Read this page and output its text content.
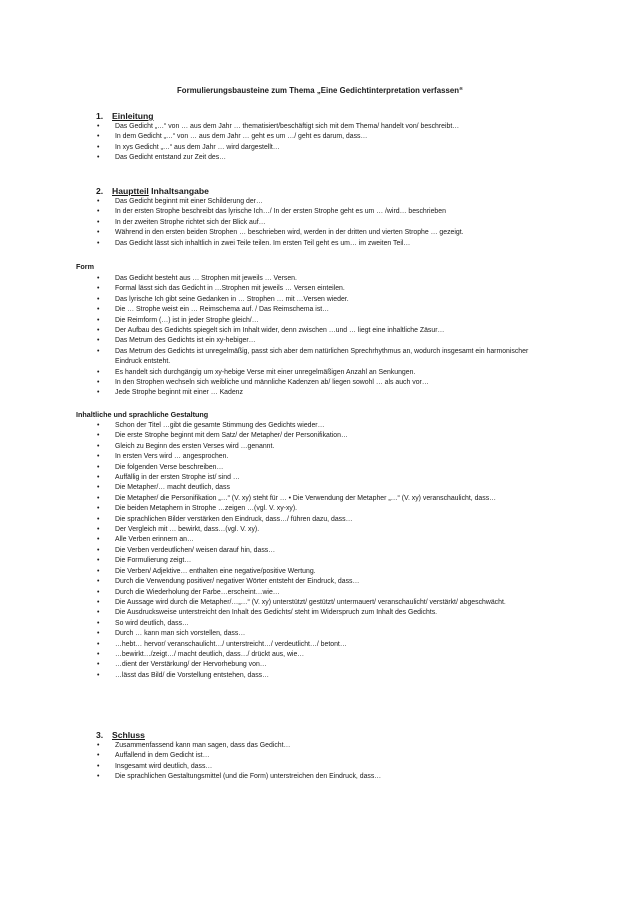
Formulierungsbausteine zum Thema „Eine Gedichtinterpretation verfassen“
1. Einleitung
• Das Gedicht „…“ von … aus dem Jahr … thematisiert/beschäftigt sich mit dem Thema/ handelt von/ beschreibt…
• In dem Gedicht „…“ von … aus dem Jahr … geht es um …/ geht es darum, dass…
• In xys Gedicht „…“ aus dem Jahr … wird dargestellt…
• Das Gedicht entstand zur Zeit des…
2. Hauptteil Inhaltsangabe
• Das Gedicht beginnt mit einer Schilderung der…
• In der ersten Strophe beschreibt das lyrische Ich…/ In der ersten Strophe geht es um … /wird… beschrieben
• In der zweiten Strophe richtet sich der Blick auf…
• Während in den ersten beiden Strophen … beschrieben wird, werden in der dritten und vierten Strophe … gezeigt.
• Das Gedicht lässt sich inhaltlich in zwei Teile teilen. Im ersten Teil geht es um… im zweiten Teil…
Form
• Das Gedicht besteht aus … Strophen mit jeweils … Versen.
• Formal lässt sich das Gedicht in …Strophen mit jeweils … Versen einteilen.
• Das lyrische Ich gibt seine Gedanken in … Strophen … mit …Versen wieder.
• Die … Strophe weist ein … Reimschema auf. / Das Reimschema ist…
• Die Reimform (…) ist in jeder Strophe gleich/…
• Der Aufbau des Gedichts spiegelt sich im Inhalt wider, denn zwischen …und … liegt eine inhaltliche Zäsur…
• Das Metrum des Gedichts ist ein xy-hebiger…
• Das Metrum des Gedichts ist unregelmäßig, passt sich aber dem natürlichen Sprechrhythmus an, wodurch insgesamt ein harmonischer Eindruck entsteht.
• Es handelt sich durchgängig um xy-hebige Verse mit einer unregelmäßigen Anzahl an Senkungen.
• In den Strophen wechseln sich weibliche und männliche Kadenzen ab/ liegen sowohl … als auch vor…
• Jede Strophe beginnt mit einer … Kadenz
Inhaltliche und sprachliche Gestaltung
• Schon der Titel …gibt die gesamte Stimmung des Gedichts wieder…
• Die erste Strophe beginnt mit dem Satz/ der Metapher/ der Personifikation…
• Gleich zu Beginn des ersten Verses wird …genannt.
• In ersten Vers wird … angesprochen.
• Die folgenden Verse beschreiben…
• Auffällig in der ersten Strophe ist/ sind …
• Die Metapher/… macht deutlich, dass
• Die Metapher/ die Personifikation „…“ (V. xy) steht für … • Die Verwendung der Metapher „…“ (V. xy) veranschaulicht, dass…
• Die beiden Metaphern in Strophe …zeigen …(vgl. V. xy-xy).
• Die sprachlichen Bilder verstärken den Eindruck, dass…/ führen dazu, dass…
• Der Vergleich mit … bewirkt, dass…(vgl. V. xy).
• Alle Verben erinnern an…
• Die Verben verdeutlichen/ weisen darauf hin, dass…
• Die Formulierung zeigt…
• Die Verben/ Adjektive… enthalten eine negative/positive Wertung.
• Durch die Verwendung positiver/ negativer Wörter entsteht der Eindruck, dass…
• Durch die Wiederholung der Farbe…erscheint…wie…
• Die Aussage wird durch die Metapher/…„…“ (V. xy) unterstützt/ gestützt/ untermauert/ veranschaulicht/ verstärkt/ abgeschwächt.
• Die Ausdrucksweise unterstreicht den Inhalt des Gedichts/ steht im Widerspruch zum Inhalt des Gedichts.
• So wird deutlich, dass…
• Durch … kann man sich vorstellen, dass…
• …hebt… hervor/ veranschaulicht…/ unterstreicht…/ verdeutlicht…/ betont…
• …bewirkt…/zeigt…/ macht deutlich, dass…/ drückt aus, wie…
• …dient der Verstärkung/ der Hervorhebung von…
• …lässt das Bild/ die Vorstellung entstehen, dass…
3. Schluss
• Zusammenfassend kann man sagen, dass das Gedicht…
• Auffallend in dem Gedicht ist…
• Insgesamt wird deutlich, dass…
• Die sprachlichen Gestaltungsmittel (und die Form) unterstreichen den Eindruck, dass…
